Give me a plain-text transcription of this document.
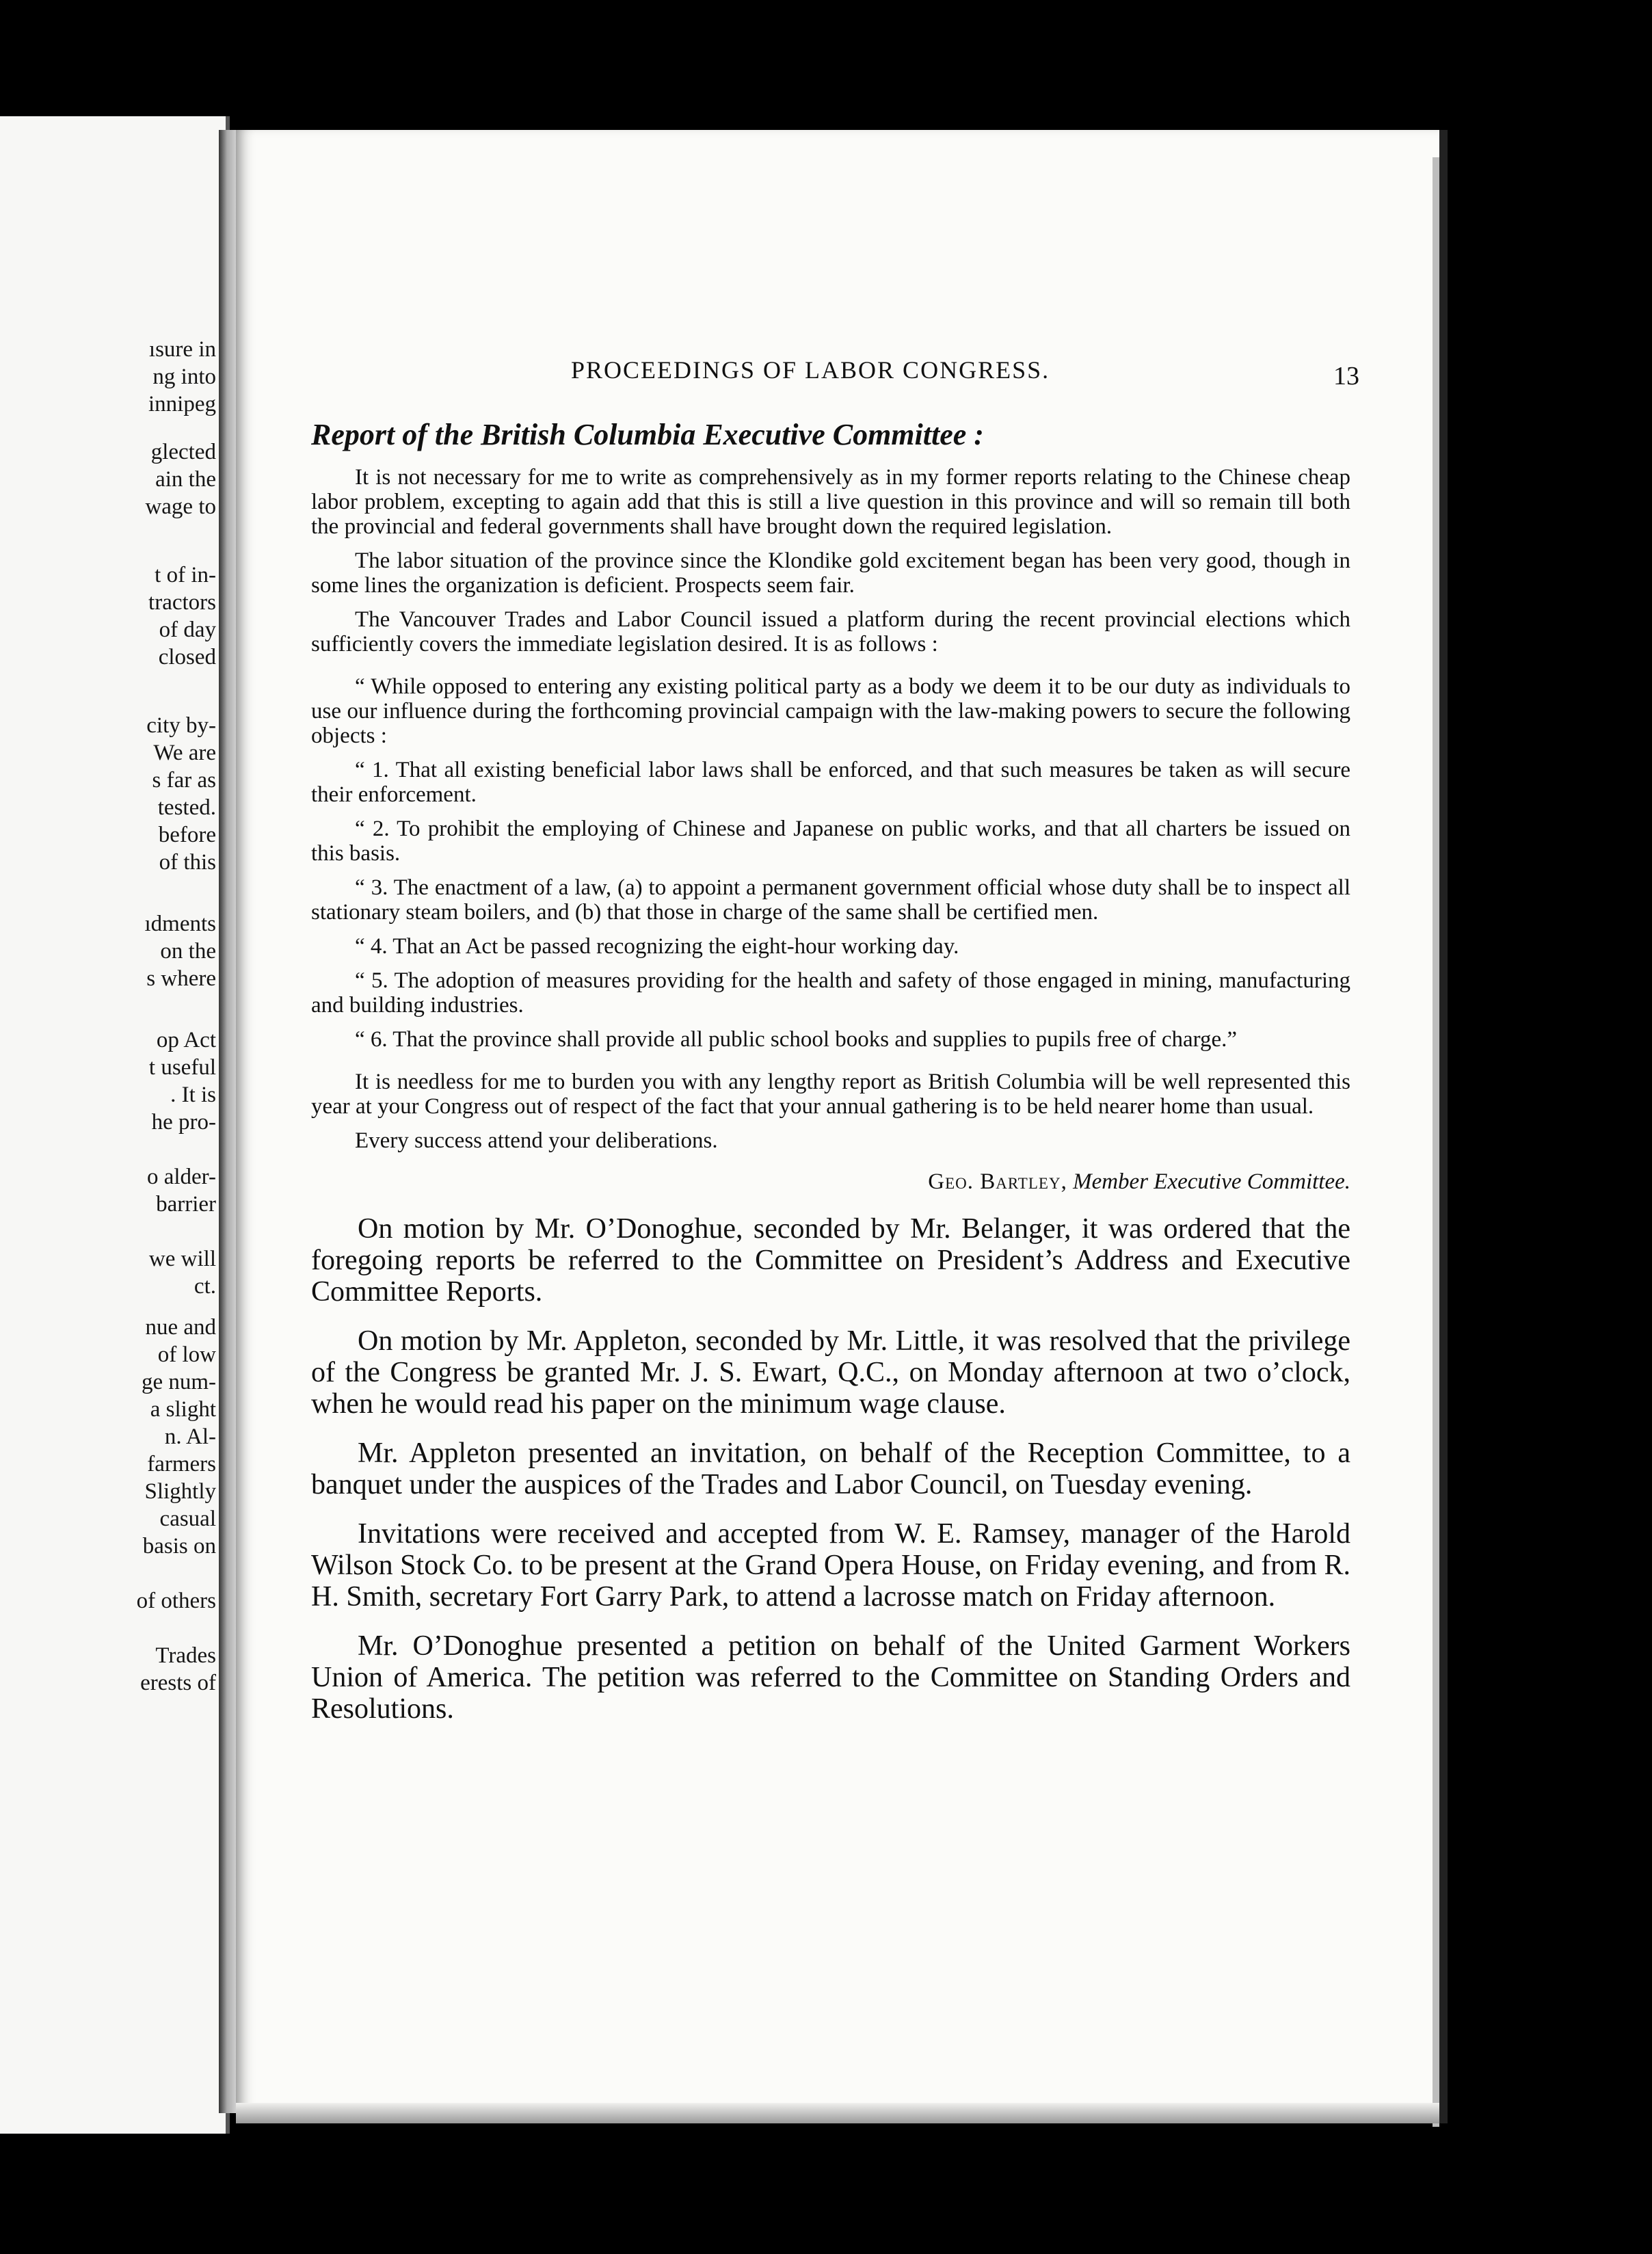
ısure in
ng into
innipeg
glected
ain the
wage to
t of in-
tractors
of day
closed
city by-
We are
s far as
tested.
before
of this
ıdments
on the
s where
op Act
t useful
. It is
he pro-
o alder-
barrier
we will
ct.
nue and
of low
ge num-
a slight
n. Al-
farmers
Slightly
casual
basis on
of others
Trades
erests of
PROCEEDINGS OF LABOR CONGRESS.	13

Report of the British Columbia Executive Committee :

It is not necessary for me to write as comprehensively as in my former reports relating to the Chinese cheap labor problem, excepting to again add that this is still a live question in this province and will so remain till both the provincial and federal governments shall have brought down the required legislation.

The labor situation of the province since the Klondike gold excitement began has been very good, though in some lines the organization is deficient. Prospects seem fair.

The Vancouver Trades and Labor Council issued a platform during the recent provincial elections which sufficiently covers the immediate legislation desired. It is as follows :

“ While opposed to entering any existing political party as a body we deem it to be our duty as individuals to use our influence during the forthcoming provincial campaign with the law-making powers to secure the following objects :

“ 1. That all existing beneficial labor laws shall be enforced, and that such measures be taken as will secure their enforcement.

“ 2. To prohibit the employing of Chinese and Japanese on public works, and that all charters be issued on this basis.

“ 3. The enactment of a law, (a) to appoint a permanent government official whose duty shall be to inspect all stationary steam boilers, and (b) that those in charge of the same shall be certified men.

“ 4. That an Act be passed recognizing the eight-hour working day.

“ 5. The adoption of measures providing for the health and safety of those engaged in mining, manufacturing and building industries.

“ 6. That the province shall provide all public school books and supplies to pupils free of charge.”

It is needless for me to burden you with any lengthy report as British Columbia will be well represented this year at your Congress out of respect of the fact that your annual gathering is to be held nearer home than usual.

Every success attend your deliberations.

Geo. Bartley, Member Executive Committee.

On motion by Mr. O’Donoghue, seconded by Mr. Belanger, it was ordered that the foregoing reports be referred to the Committee on President’s Address and Executive Committee Reports.

On motion by Mr. Appleton, seconded by Mr. Little, it was resolved that the privilege of the Congress be granted Mr. J. S. Ewart, Q.C., on Monday afternoon at two o’clock, when he would read his paper on the minimum wage clause.

Mr. Appleton presented an invitation, on behalf of the Reception Committee, to a banquet under the auspices of the Trades and Labor Council, on Tuesday evening.

Invitations were received and accepted from W. E. Ramsey, manager of the Harold Wilson Stock Co. to be present at the Grand Opera House, on Friday evening, and from R. H. Smith, secretary Fort Garry Park, to attend a lacrosse match on Friday afternoon.

Mr. O’Donoghue presented a petition on behalf of the United Garment Workers Union of America. The petition was referred to the Committee on Standing Orders and Resolutions.
